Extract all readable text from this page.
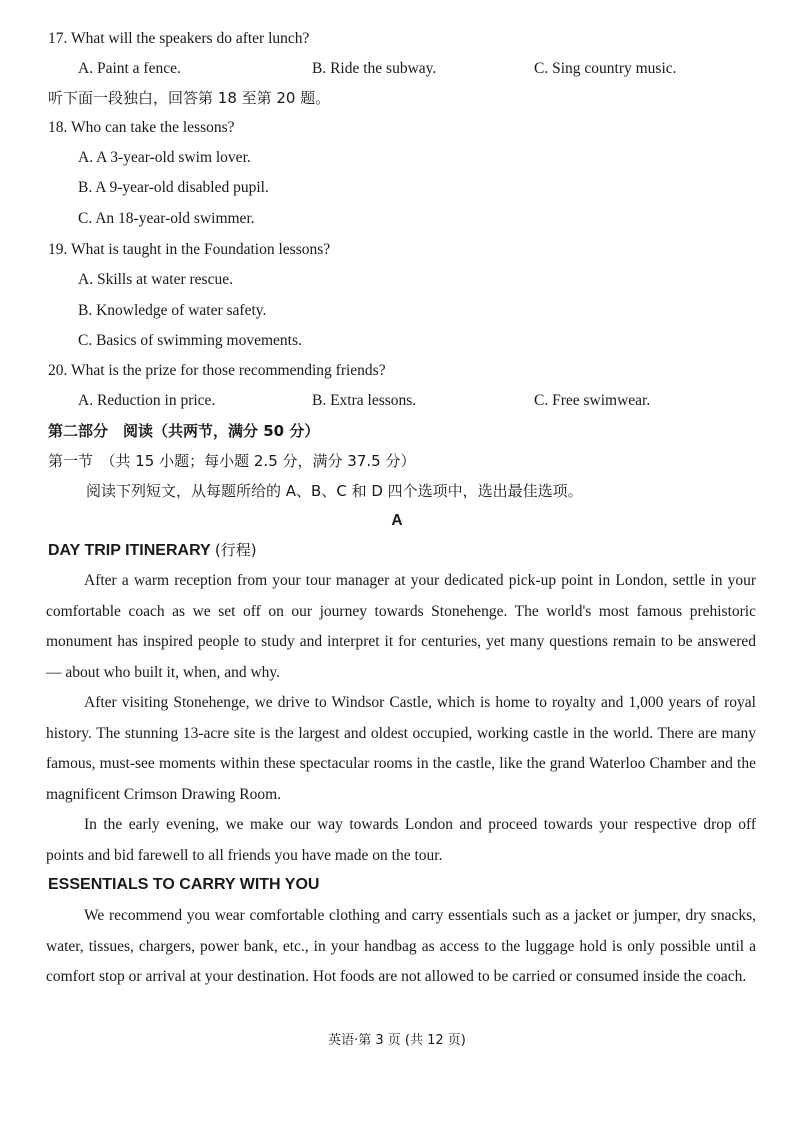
17. What will the speakers do after lunch?
A. Paint a fence.	B. Ride the subway.	C. Sing country music.
听下面一段独白，回答第 18 至第 20 题。
18. Who can take the lessons?
A. A 3-year-old swim lover.
B. A 9-year-old disabled pupil.
C. An 18-year-old swimmer.
19. What is taught in the Foundation lessons?
A. Skills at water rescue.
B. Knowledge of water safety.
C. Basics of swimming movements.
20. What is the prize for those recommending friends?
A. Reduction in price.	B. Extra lessons.	C. Free swimwear.
第二部分　阅读（共两节，满分 50 分）
第一节　（共 15 小题；每小题 2.5 分，满分 37.5 分）
阅读下列短文，从每题所给的 A、B、C 和 D 四个选项中，选出最佳选项。
A
DAY TRIP ITINERARY (行程)
After a warm reception from your tour manager at your dedicated pick-up point in London, settle in your comfortable coach as we set off on our journey towards Stonehenge. The world's most famous prehistoric monument has inspired people to study and interpret it for centuries, yet many questions remain to be answered — about who built it, when, and why.
After visiting Stonehenge, we drive to Windsor Castle, which is home to royalty and 1,000 years of royal history. The stunning 13-acre site is the largest and oldest occupied, working castle in the world. There are many famous, must-see moments within these spectacular rooms in the castle, like the grand Waterloo Chamber and the magnificent Crimson Drawing Room.
In the early evening, we make our way towards London and proceed towards your respective drop off points and bid farewell to all friends you have made on the tour.
ESSENTIALS TO CARRY WITH YOU
We recommend you wear comfortable clothing and carry essentials such as a jacket or jumper, dry snacks, water, tissues, chargers, power bank, etc., in your handbag as access to the luggage hold is only possible until a comfort stop or arrival at your destination. Hot foods are not allowed to be carried or consumed inside the coach.
英语·第 3 页 (共 12 页)
